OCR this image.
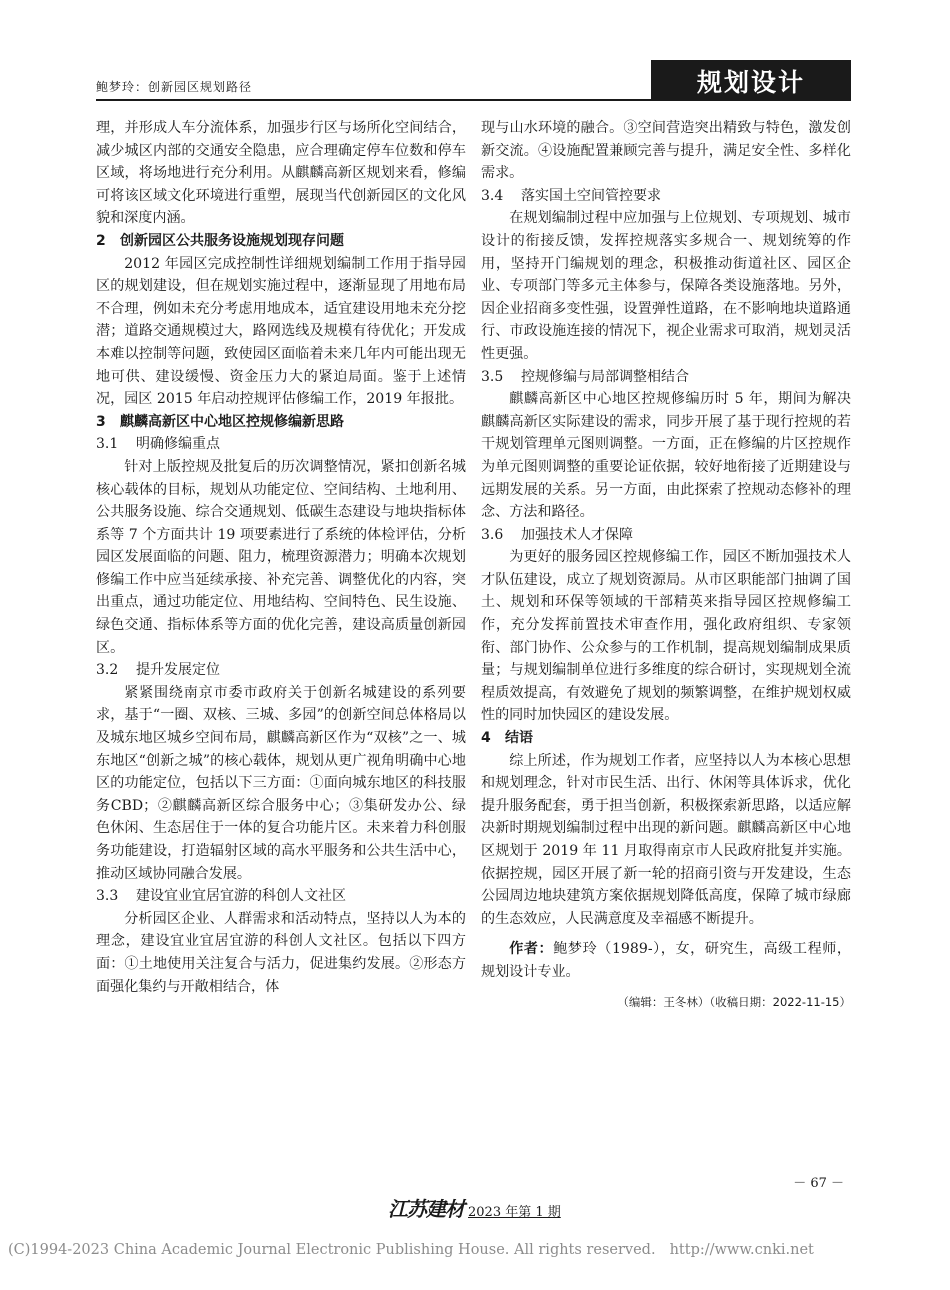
鲍梦玲：创新园区规划路径	规划设计

理，并形成人车分流体系，加强步行区与场所化空间结合，减少城区内部的交通安全隐患，应合理确定停车位数和停车区域，将场地进行充分利用。从麒麟高新区规划来看，修编可将该区域文化环境进行重塑，展现当代创新园区的文化风貌和深度内涵。

2 创新园区公共服务设施规划现存问题

2012 年园区完成控制性详细规划编制工作用于指导园区的规划建设，但在规划实施过程中，逐渐显现了用地布局不合理，例如未充分考虑用地成本，适宜建设用地未充分挖潜；道路交通规模过大，路网选线及规模有待优化；开发成本难以控制等问题，致使园区面临着未来几年内可能出现无地可供、建设缓慢、资金压力大的紧迫局面。鉴于上述情况，园区 2015 年启动控规评估修编工作，2019 年报批。

3 麒麟高新区中心地区控规修编新思路
3.1 明确修编重点

针对上版控规及批复后的历次调整情况，紧扣创新名城核心载体的目标，规划从功能定位、空间结构、土地利用、公共服务设施、综合交通规划、低碳生态建设与地块指标体系等 7 个方面共计 19 项要素进行了系统的体检评估，分析园区发展面临的问题、阻力，梳理资源潜力；明确本次规划修编工作中应当延续承接、补充完善、调整优化的内容，突出重点，通过功能定位、用地结构、空间特色、民生设施、绿色交通、指标体系等方面的优化完善，建设高质量创新园区。

3.2 提升发展定位

紧紧围绕南京市委市政府关于创新名城建设的系列要求，基于“一圈、双核、三城、多园”的创新空间总体格局以及城东地区城乡空间布局，麒麟高新区作为“双核”之一、城东地区“创新之城”的核心载体，规划从更广视角明确中心地区的功能定位，包括以下三方面：①面向城东地区的科技服务CBD；②麒麟高新区综合服务中心；③集研发办公、绿色休闲、生态居住于一体的复合功能片区。未来着力科创服务功能建设，打造辐射区域的高水平服务和公共生活中心，推动区域协同融合发展。

3.3 建设宜业宜居宜游的科创人文社区

分析园区企业、人群需求和活动特点，坚持以人为本的理念，建设宜业宜居宜游的科创人文社区。包括以下四方面：①土地使用关注复合与活力，促进集约发展。②形态方面强化集约与开敞相结合，体

现与山水环境的融合。③空间营造突出精致与特色，激发创新交流。④设施配置兼顾完善与提升，满足安全性、多样化需求。

3.4 落实国土空间管控要求

在规划编制过程中应加强与上位规划、专项规划、城市设计的衔接反馈，发挥控规落实多规合一、规划统筹的作用，坚持开门编规划的理念，积极推动街道社区、园区企业、专项部门等多元主体参与，保障各类设施落地。另外，因企业招商多变性强，设置弹性道路，在不影响地块道路通行、市政设施连接的情况下，视企业需求可取消，规划灵活性更强。

3.5 控规修编与局部调整相结合

麒麟高新区中心地区控规修编历时 5 年，期间为解决麒麟高新区实际建设的需求，同步开展了基于现行控规的若干规划管理单元图则调整。一方面，正在修编的片区控规作为单元图则调整的重要论证依据，较好地衔接了近期建设与远期发展的关系。另一方面，由此探索了控规动态修补的理念、方法和路径。

3.6 加强技术人才保障

为更好的服务园区控规修编工作，园区不断加强技术人才队伍建设，成立了规划资源局。从市区职能部门抽调了国土、规划和环保等领域的干部精英来指导园区控规修编工作，充分发挥前置技术审查作用，强化政府组织、专家领衔、部门协作、公众参与的工作机制，提高规划编制成果质量；与规划编制单位进行多维度的综合研讨，实现规划全流程质效提高，有效避免了规划的频繁调整，在维护规划权威性的同时加快园区的建设发展。

4 结语

综上所述，作为规划工作者，应坚持以人为本核心思想和规划理念，针对市民生活、出行、休闲等具体诉求，优化提升服务配套，勇于担当创新，积极探索新思路，以适应解决新时期规划编制过程中出现的新问题。麒麟高新区中心地区规划于 2019 年 11 月取得南京市人民政府批复并实施。依据控规，园区开展了新一轮的招商引资与开发建设，生态公园周边地块建筑方案依据规划降低高度，保障了城市绿廊的生态效应，人民满意度及幸福感不断提升。

作者：鲍梦玲（1989-），女，研究生，高级工程师，规划设计专业。

（编辑：王冬林）（收稿日期：2022-11-15）

－ 67 －
江苏建材 2023 年第 1 期
(C)1994-2023 China Academic Journal Electronic Publishing House. All rights reserved. http://www.cnki.net
